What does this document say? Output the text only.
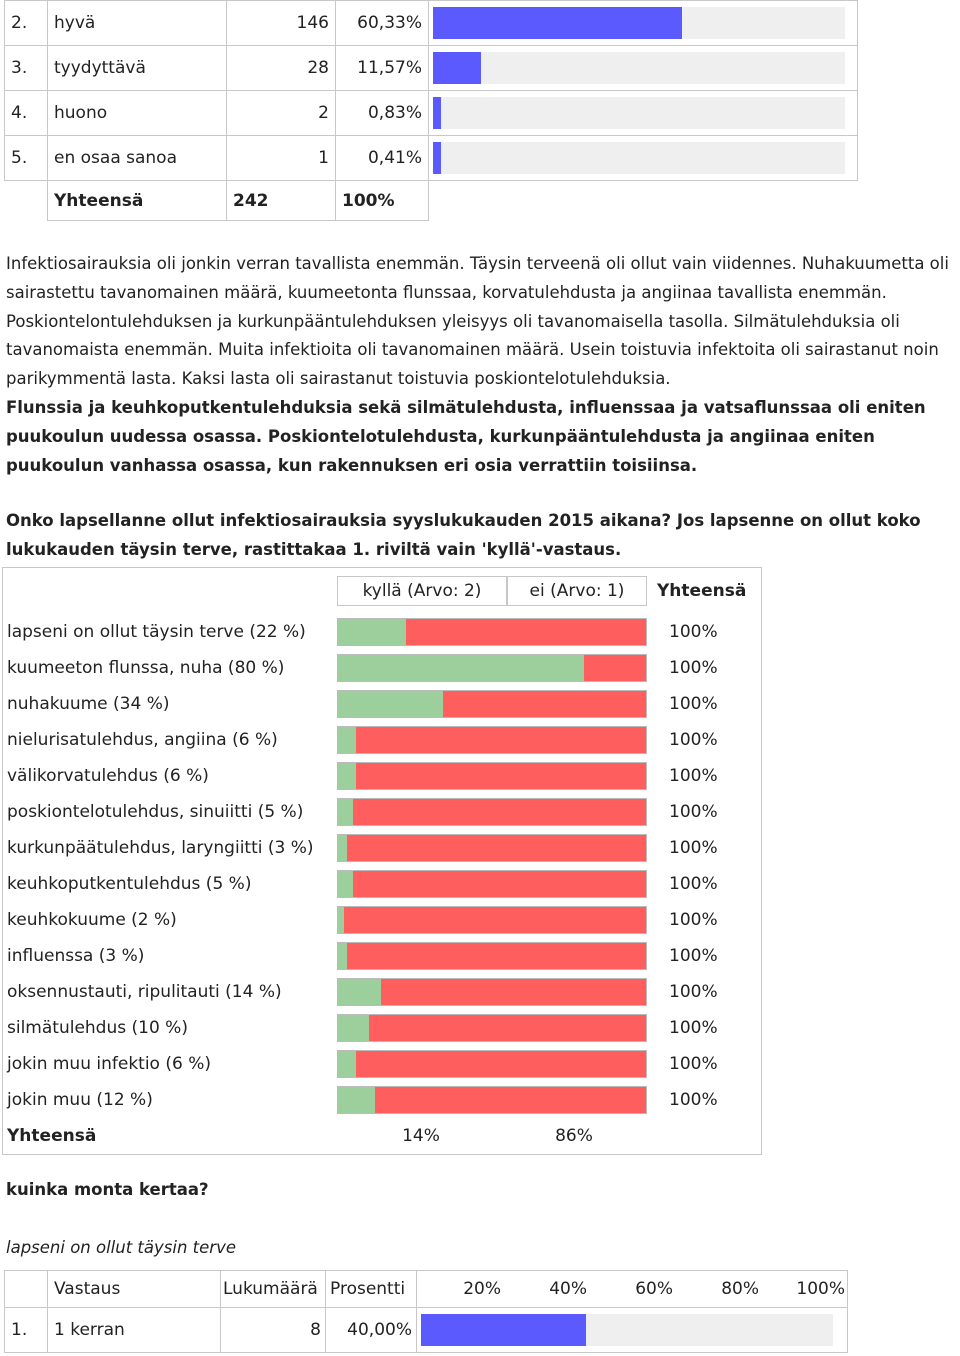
2.	hyvä	146	60,33%	

3.	tyydyttävä	28	11,57%	

4.	huono	2	0,83%	

5.	en osaa sanoa	1	0,41%	

	Yhteensä	242	100%	

Infektiosairauksia oli jonkin verran tavallista enemmän. Täysin terveenä oli ollut vain viidennes. Nuhakuumetta oli sairastettu tavanomainen määrä, kuumeetonta flunssaa, korvatulehdusta ja angiinaa tavallista enemmän. Poskiontelontulehduksen ja kurkunpääntulehduksen yleisyys oli tavanomaisella tasolla. Silmätulehduksia oli tavanomaista enemmän. Muita infektioita oli tavanomainen määrä. Usein toistuvia infektoita oli sairastanut noin parikymmentä lasta. Kaksi lasta oli sairastanut toistuvia poskiontelotulehduksia.
Flunssia ja keuhkoputkentulehduksia sekä silmätulehdusta, influenssaa ja vatsaflunssaa oli eniten puukoulun uudessa osassa. Poskiontelotulehdusta, kurkunpääntulehdusta ja angiinaa eniten puukoulun vanhassa osassa, kun rakennuksen eri osia verrattiin toisiinsa.

Onko lapsellanne ollut infektiosairauksia syyslukukauden 2015 aikana? Jos lapsenne on ollut koko lukukauden täysin terve, rastittakaa 1. riviltä vain 'kyllä'-vastaus.
	kyllä (Arvo: 2) ei (Arvo: 1)	Yhteensä
lapseni on ollut täysin terve (22 %)		100%
kuumeeton flunssa, nuha (80 %)		100%
nuhakuume (34 %)		100%
nielurisatulehdus, angiina (6 %)		100%
välikorvatulehdus (6 %)		100%
poskiontelotulehdus, sinuiitti (5 %)		100%
kurkunpäätulehdus, laryngiitti (3 %)		100%
keuhkoputkentulehdus (5 %)		100%
keuhkokuume (2 %)		100%
influenssa (3 %)		100%
oksennustauti, ripulitauti (14 %)		100%
silmätulehdus (10 %)		100%
jokin muu infektio (6 %)		100%
jokin muu (12 %)		100%
Yhteensä	14% 86%	
kuinka monta kertaa?
lapseni on ollut täysin terve
	Vastaus	Lukumäärä	Prosentti	20% 40% 60% 80% 100%

1.	1 kerran	8	40,00%	
